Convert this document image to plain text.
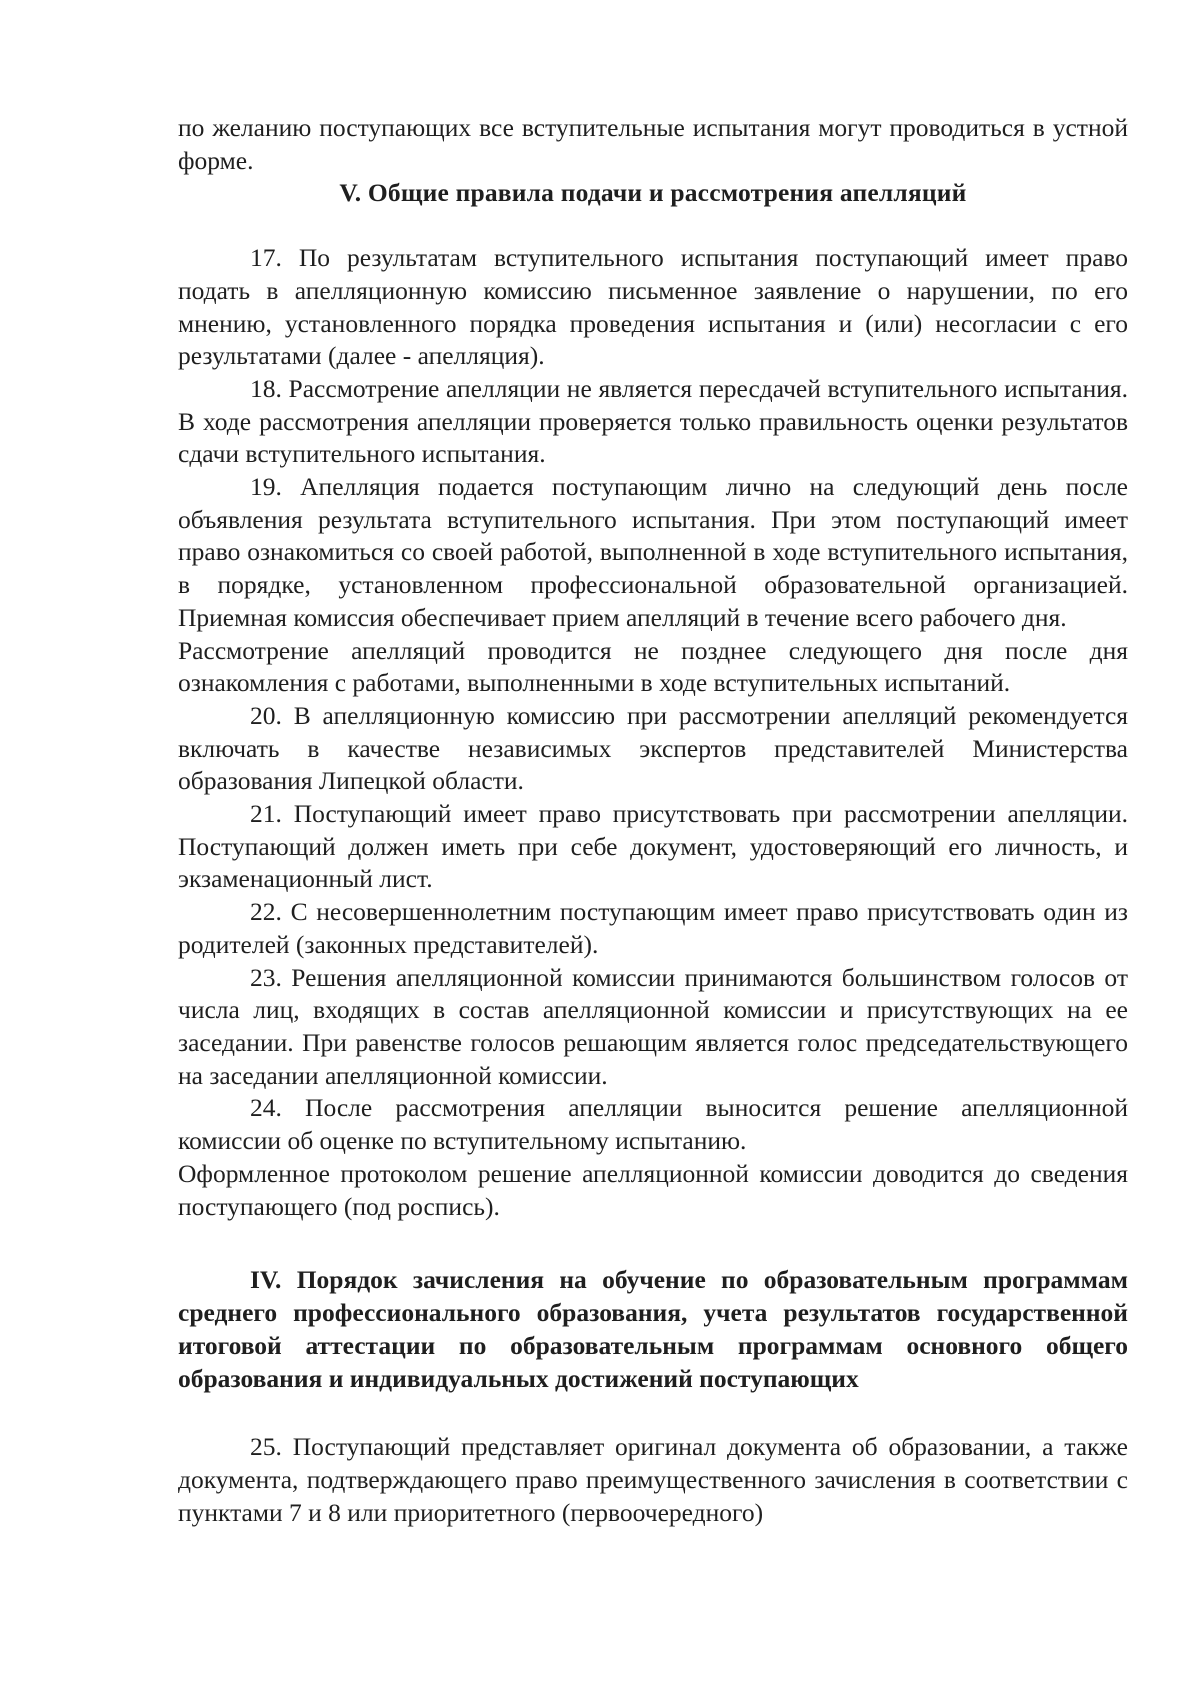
по желанию поступающих все вступительные испытания могут проводиться в устной форме.

V. Общие правила подачи и рассмотрения апелляций

17. По результатам вступительного испытания поступающий имеет право подать в апелляционную комиссию письменное заявление о нарушении, по его мнению, установленного порядка проведения испытания и (или) несогласии с его результатами (далее - апелляция).

18. Рассмотрение апелляции не является пересдачей вступительного испытания. В ходе рассмотрения апелляции проверяется только правильность оценки результатов сдачи вступительного испытания.

19. Апелляция подается поступающим лично на следующий день после объявления результата вступительного испытания. При этом поступающий имеет право ознакомиться со своей работой, выполненной в ходе вступительного испытания, в порядке, установленном профессиональной образовательной организацией. Приемная комиссия обеспечивает прием апелляций в течение всего рабочего дня.

Рассмотрение апелляций проводится не позднее следующего дня после дня ознакомления с работами, выполненными в ходе вступительных испытаний.

20. В апелляционную комиссию при рассмотрении апелляций рекомендуется включать в качестве независимых экспертов представителей Министерства образования Липецкой области.

21. Поступающий имеет право присутствовать при рассмотрении апелляции. Поступающий должен иметь при себе документ, удостоверяющий его личность, и экзаменационный лист.

22. С несовершеннолетним поступающим имеет право присутствовать один из родителей (законных представителей).

23. Решения апелляционной комиссии принимаются большинством голосов от числа лиц, входящих в состав апелляционной комиссии и присутствующих на ее заседании. При равенстве голосов решающим является голос председательствующего на заседании апелляционной комиссии.

24. После рассмотрения апелляции выносится решение апелляционной комиссии об оценке по вступительному испытанию.

Оформленное протоколом решение апелляционной комиссии доводится до сведения поступающего (под роспись).

IV. Порядок зачисления на обучение по образовательным программам среднего профессионального образования, учета результатов государственной итоговой аттестации по образовательным программам основного общего образования и индивидуальных достижений поступающих

25. Поступающий представляет оригинал документа об образовании, а также документа, подтверждающего право преимущественного зачисления в соответствии с пунктами 7 и 8 или приоритетного (первоочередного)
